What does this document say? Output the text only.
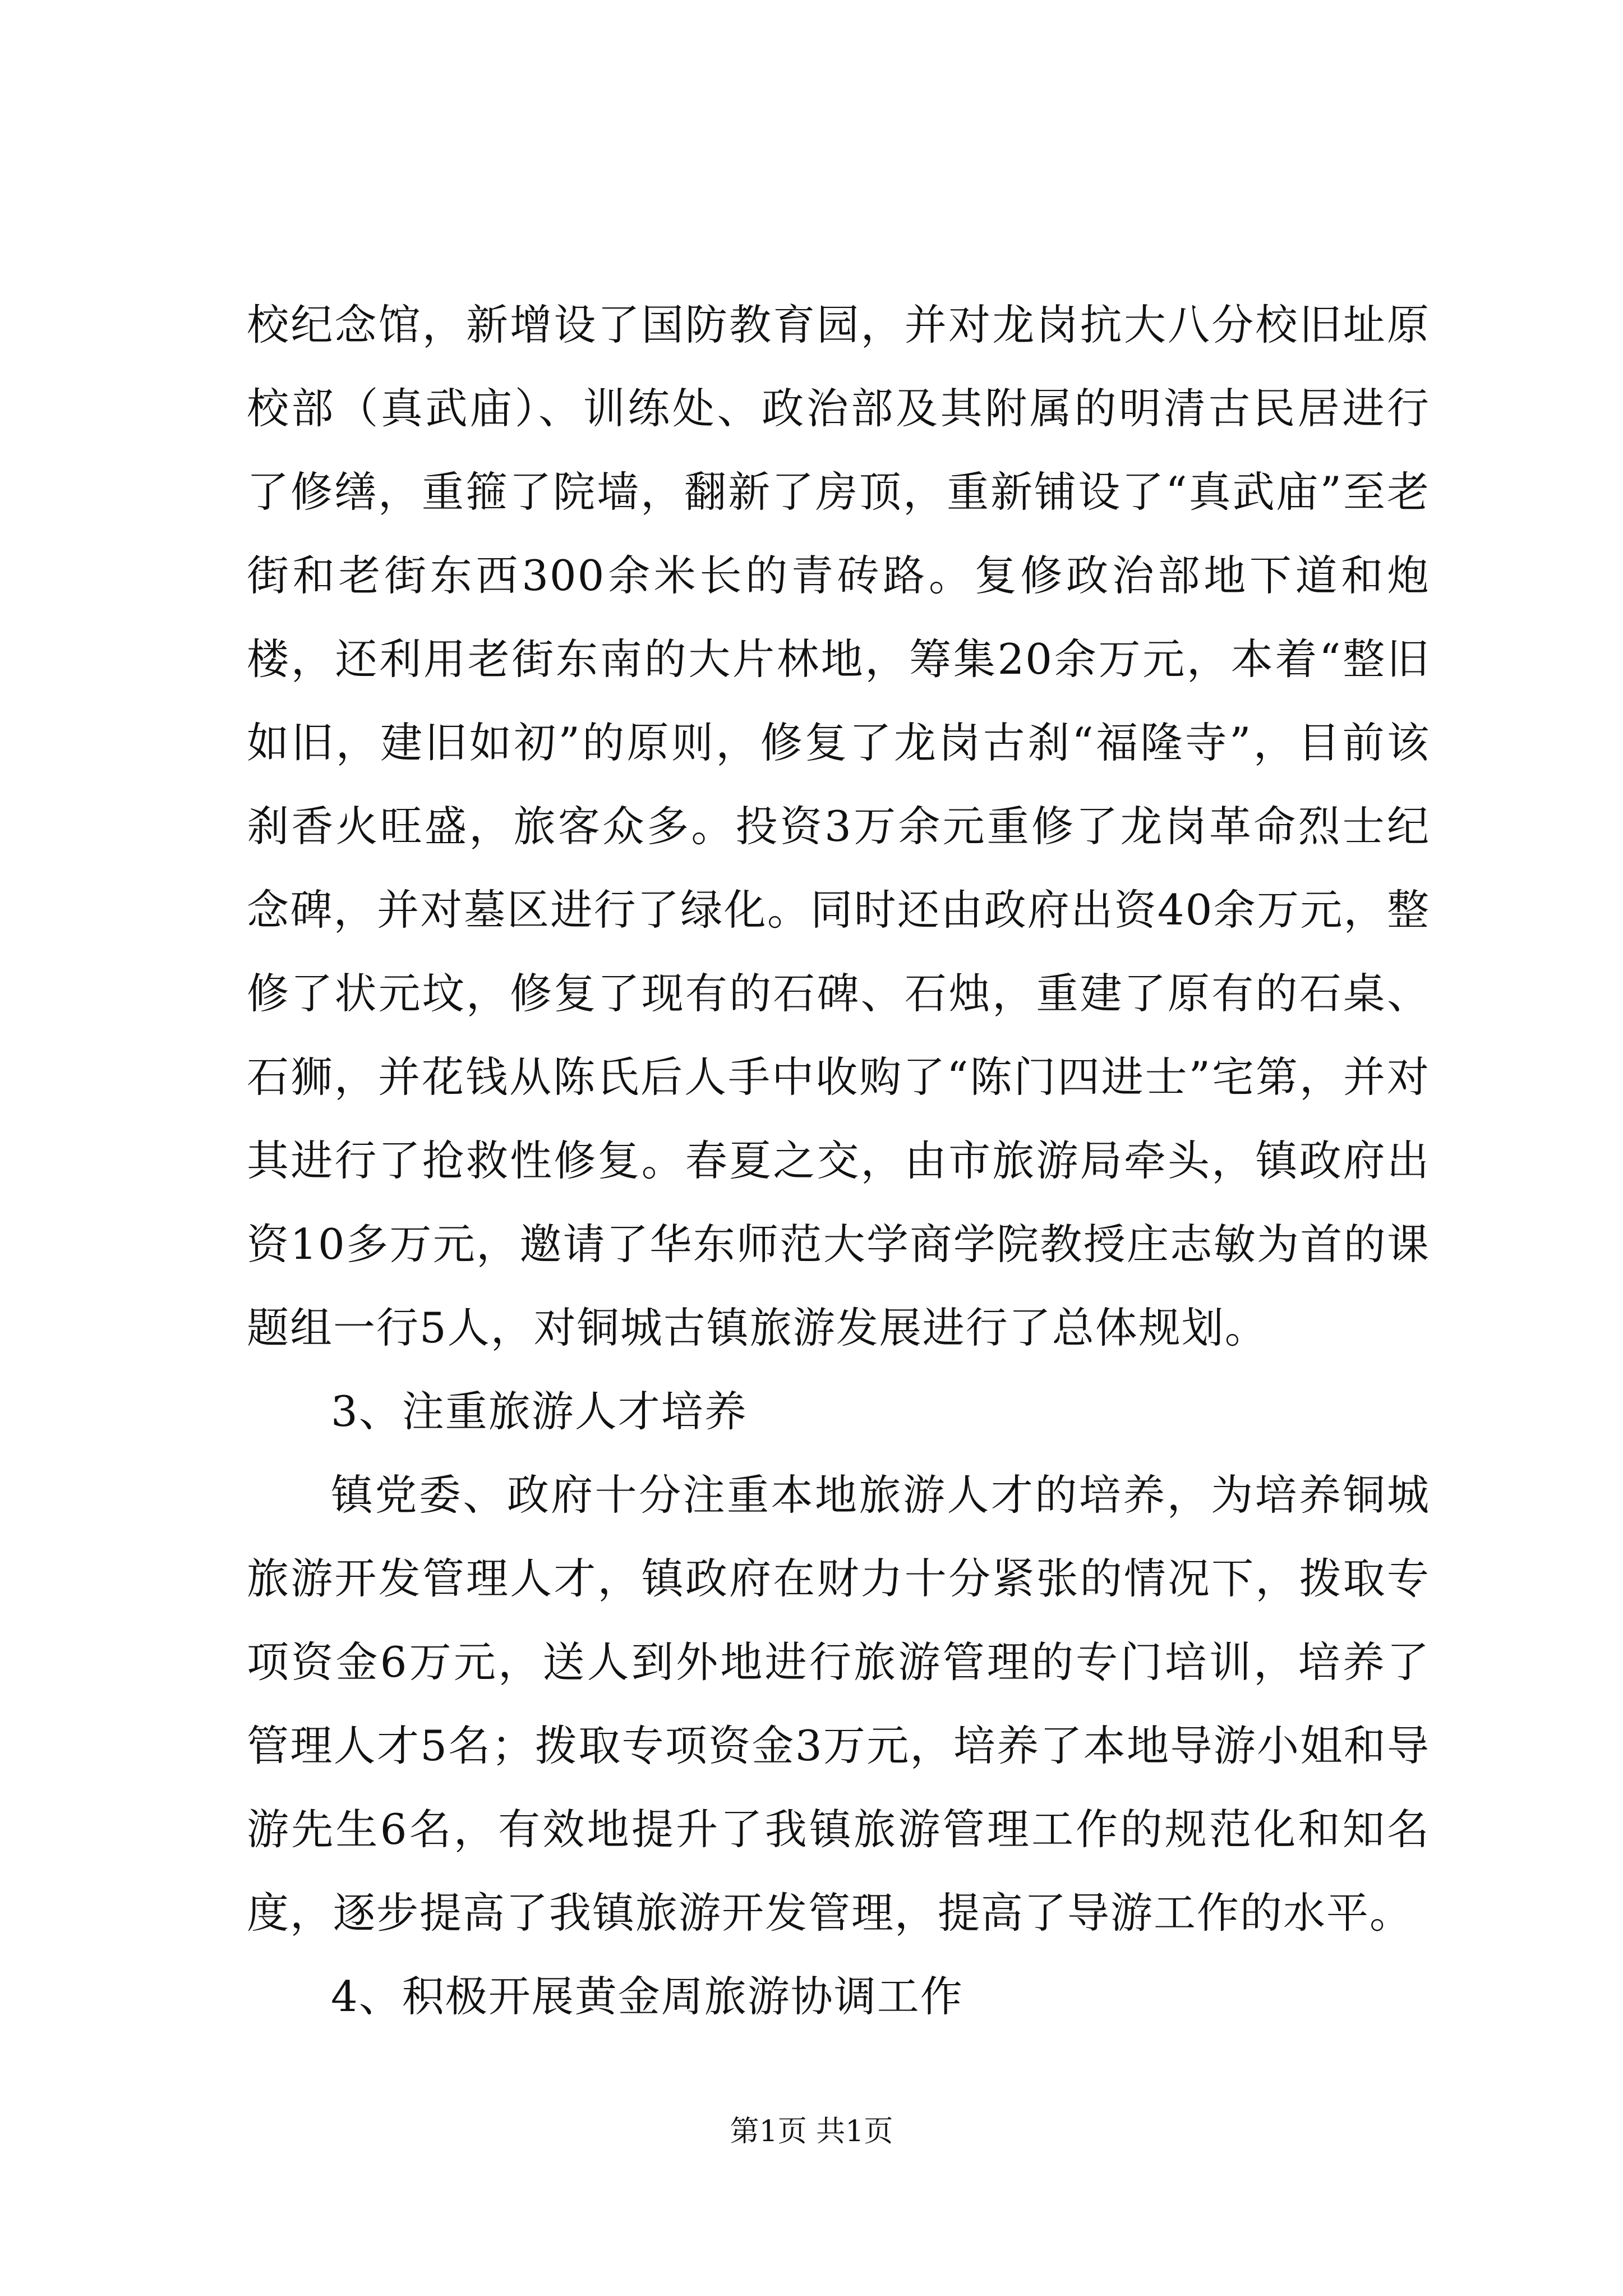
校纪念馆，新增设了国防教育园，并对龙岗抗大八分校旧址原校部（真武庙）、训练处、政治部及其附属的明清古民居进行了修缮，重箍了院墙，翻新了房顶，重新铺设了“真武庙”至老街和老街东西300余米长的青砖路。复修政治部地下道和炮楼，还利用老街东南的大片林地，筹集20余万元，本着“整旧如旧，建旧如初”的原则，修复了龙岗古刹“福隆寺”，目前该刹香火旺盛，旅客众多。投资3万余元重修了龙岗革命烈士纪念碑，并对墓区进行了绿化。同时还由政府出资40余万元，整修了状元坟，修复了现有的石碑、石烛，重建了原有的石桌、石狮，并花钱从陈氏后人手中收购了“陈门四进士”宅第，并对其进行了抢救性修复。春夏之交，由市旅游局牵头，镇政府出资10多万元，邀请了华东师范大学商学院教授庄志敏为首的课题组一行5人，对铜城古镇旅游发展进行了总体规划。

3、注重旅游人才培养

镇党委、政府十分注重本地旅游人才的培养，为培养铜城旅游开发管理人才，镇政府在财力十分紧张的情况下，拨取专项资金6万元，送人到外地进行旅游管理的专门培训，培养了管理人才5名；拨取专项资金3万元，培养了本地导游小姐和导游先生6名，有效地提升了我镇旅游管理工作的规范化和知名度，逐步提高了我镇旅游开发管理，提高了导游工作的水平。

4、积极开展黄金周旅游协调工作

第1页 共1页
